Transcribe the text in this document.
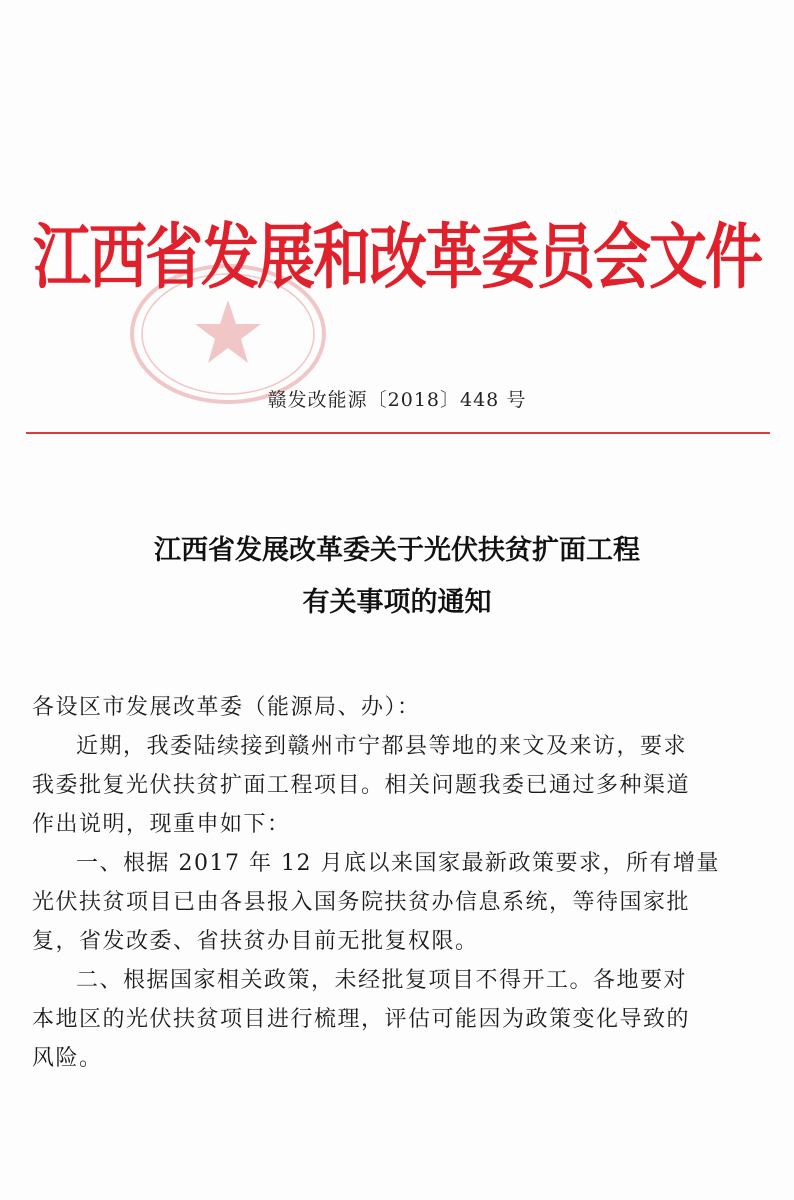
江西省发展和改革委员会文件
赣发改能源〔2018〕448 号
江西省发展改革委关于光伏扶贫扩面工程
有关事项的通知
各设区市发展改革委（能源局、办）：
近期，我委陆续接到赣州市宁都县等地的来文及来访，要求
我委批复光伏扶贫扩面工程项目。相关问题我委已通过多种渠道
作出说明，现重申如下：
一、根据 2017 年 12 月底以来国家最新政策要求，所有增量
光伏扶贫项目已由各县报入国务院扶贫办信息系统，等待国家批
复，省发改委、省扶贫办目前无批复权限。
二、根据国家相关政策，未经批复项目不得开工。各地要对
本地区的光伏扶贫项目进行梳理，评估可能因为政策变化导致的
风险。
